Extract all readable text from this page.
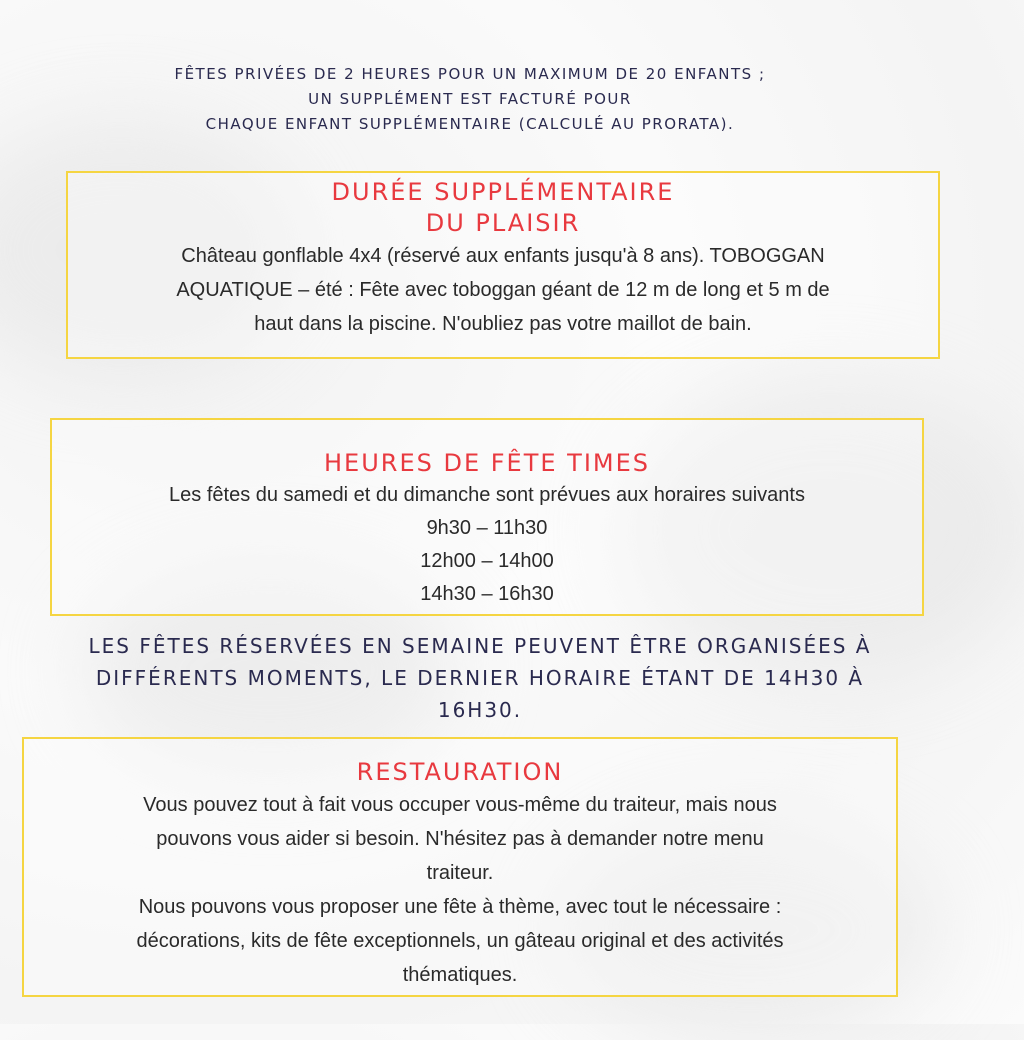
FÊTES PRIVÉES DE 2 HEURES POUR UN MAXIMUM DE 20 ENFANTS ;
UN SUPPLÉMENT EST FACTURÉ POUR
CHAQUE ENFANT SUPPLÉMENTAIRE (CALCULÉ AU PRORATA).
DURÉE SUPPLÉMENTAIRE
DU PLAISIR
Château gonflable 4x4 (réservé aux enfants jusqu'à 8 ans). TOBOGGAN
AQUATIQUE – été : Fête avec toboggan géant de 12 m de long et 5 m de
haut dans la piscine. N'oubliez pas votre maillot de bain.
HEURES DE FÊTE TIMES
Les fêtes du samedi et du dimanche sont prévues aux horaires suivants
9h30 – 11h30
12h00 – 14h00
14h30 – 16h30
LES FÊTES RÉSERVÉES EN SEMAINE PEUVENT ÊTRE ORGANISÉES À
DIFFÉRENTS MOMENTS, LE DERNIER HORAIRE ÉTANT DE 14H30 À
16H30.
RESTAURATION
Vous pouvez tout à fait vous occuper vous-même du traiteur, mais nous
pouvons vous aider si besoin. N'hésitez pas à demander notre menu
traiteur.
Nous pouvons vous proposer une fête à thème, avec tout le nécessaire :
décorations, kits de fête exceptionnels, un gâteau original et des activités
thématiques.
